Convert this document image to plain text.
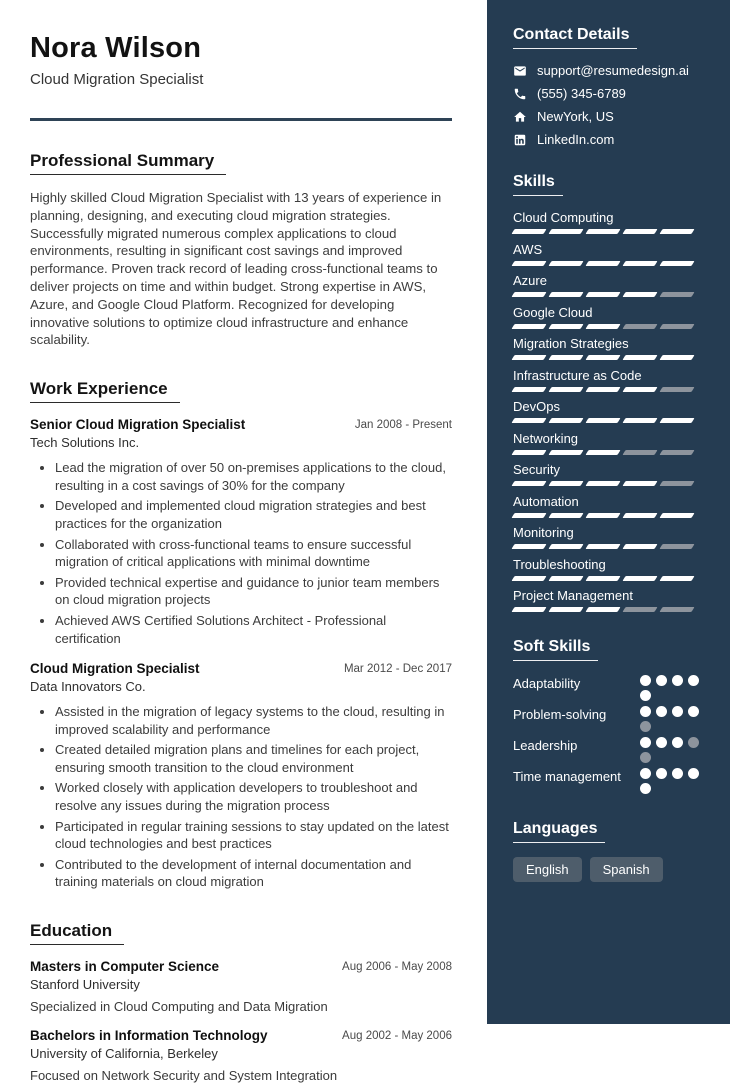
Nora Wilson
Cloud Migration Specialist
Professional Summary

Highly skilled Cloud Migration Specialist with 13 years of experience in planning, designing, and executing cloud migration strategies. Successfully migrated numerous complex applications to cloud environments, resulting in significant cost savings and improved performance. Proven track record of leading cross-functional teams to deliver projects on time and within budget. Strong expertise in AWS, Azure, and Google Cloud Platform. Recognized for developing innovative solutions to optimize cloud infrastructure and enhance scalability.

Work Experience
Senior Cloud Migration Specialist	Jan 2008 - Present
Tech Solutions Inc.
• Lead the migration of over 50 on-premises applications to the cloud, resulting in a cost savings of 30% for the company
• Developed and implemented cloud migration strategies and best practices for the organization
• Collaborated with cross-functional teams to ensure successful migration of critical applications with minimal downtime
• Provided technical expertise and guidance to junior team members on cloud migration projects
• Achieved AWS Certified Solutions Architect - Professional certification
Cloud Migration Specialist	Mar 2012 - Dec 2017
Data Innovators Co.
• Assisted in the migration of legacy systems to the cloud, resulting in improved scalability and performance
• Created detailed migration plans and timelines for each project, ensuring smooth transition to the cloud environment
• Worked closely with application developers to troubleshoot and resolve any issues during the migration process
• Participated in regular training sessions to stay updated on the latest cloud technologies and best practices
• Contributed to the development of internal documentation and training materials on cloud migration
Education
Masters in Computer Science	Aug 2006 - May 2008
Stanford University
Specialized in Cloud Computing and Data Migration
Bachelors in Information Technology	Aug 2002 - May 2006
University of California, Berkeley
Focused on Network Security and System Integration
Contact Details
support@resumedesign.ai
(555) 345-6789
NewYork, US
LinkedIn.com
Skills
Cloud Computing
AWS
Azure
Google Cloud
Migration Strategies
Infrastructure as Code
DevOps
Networking
Security
Automation
Monitoring
Troubleshooting
Project Management
Soft Skills
Adaptability
Problem-solving
Leadership
Time management
Languages
English	Spanish
